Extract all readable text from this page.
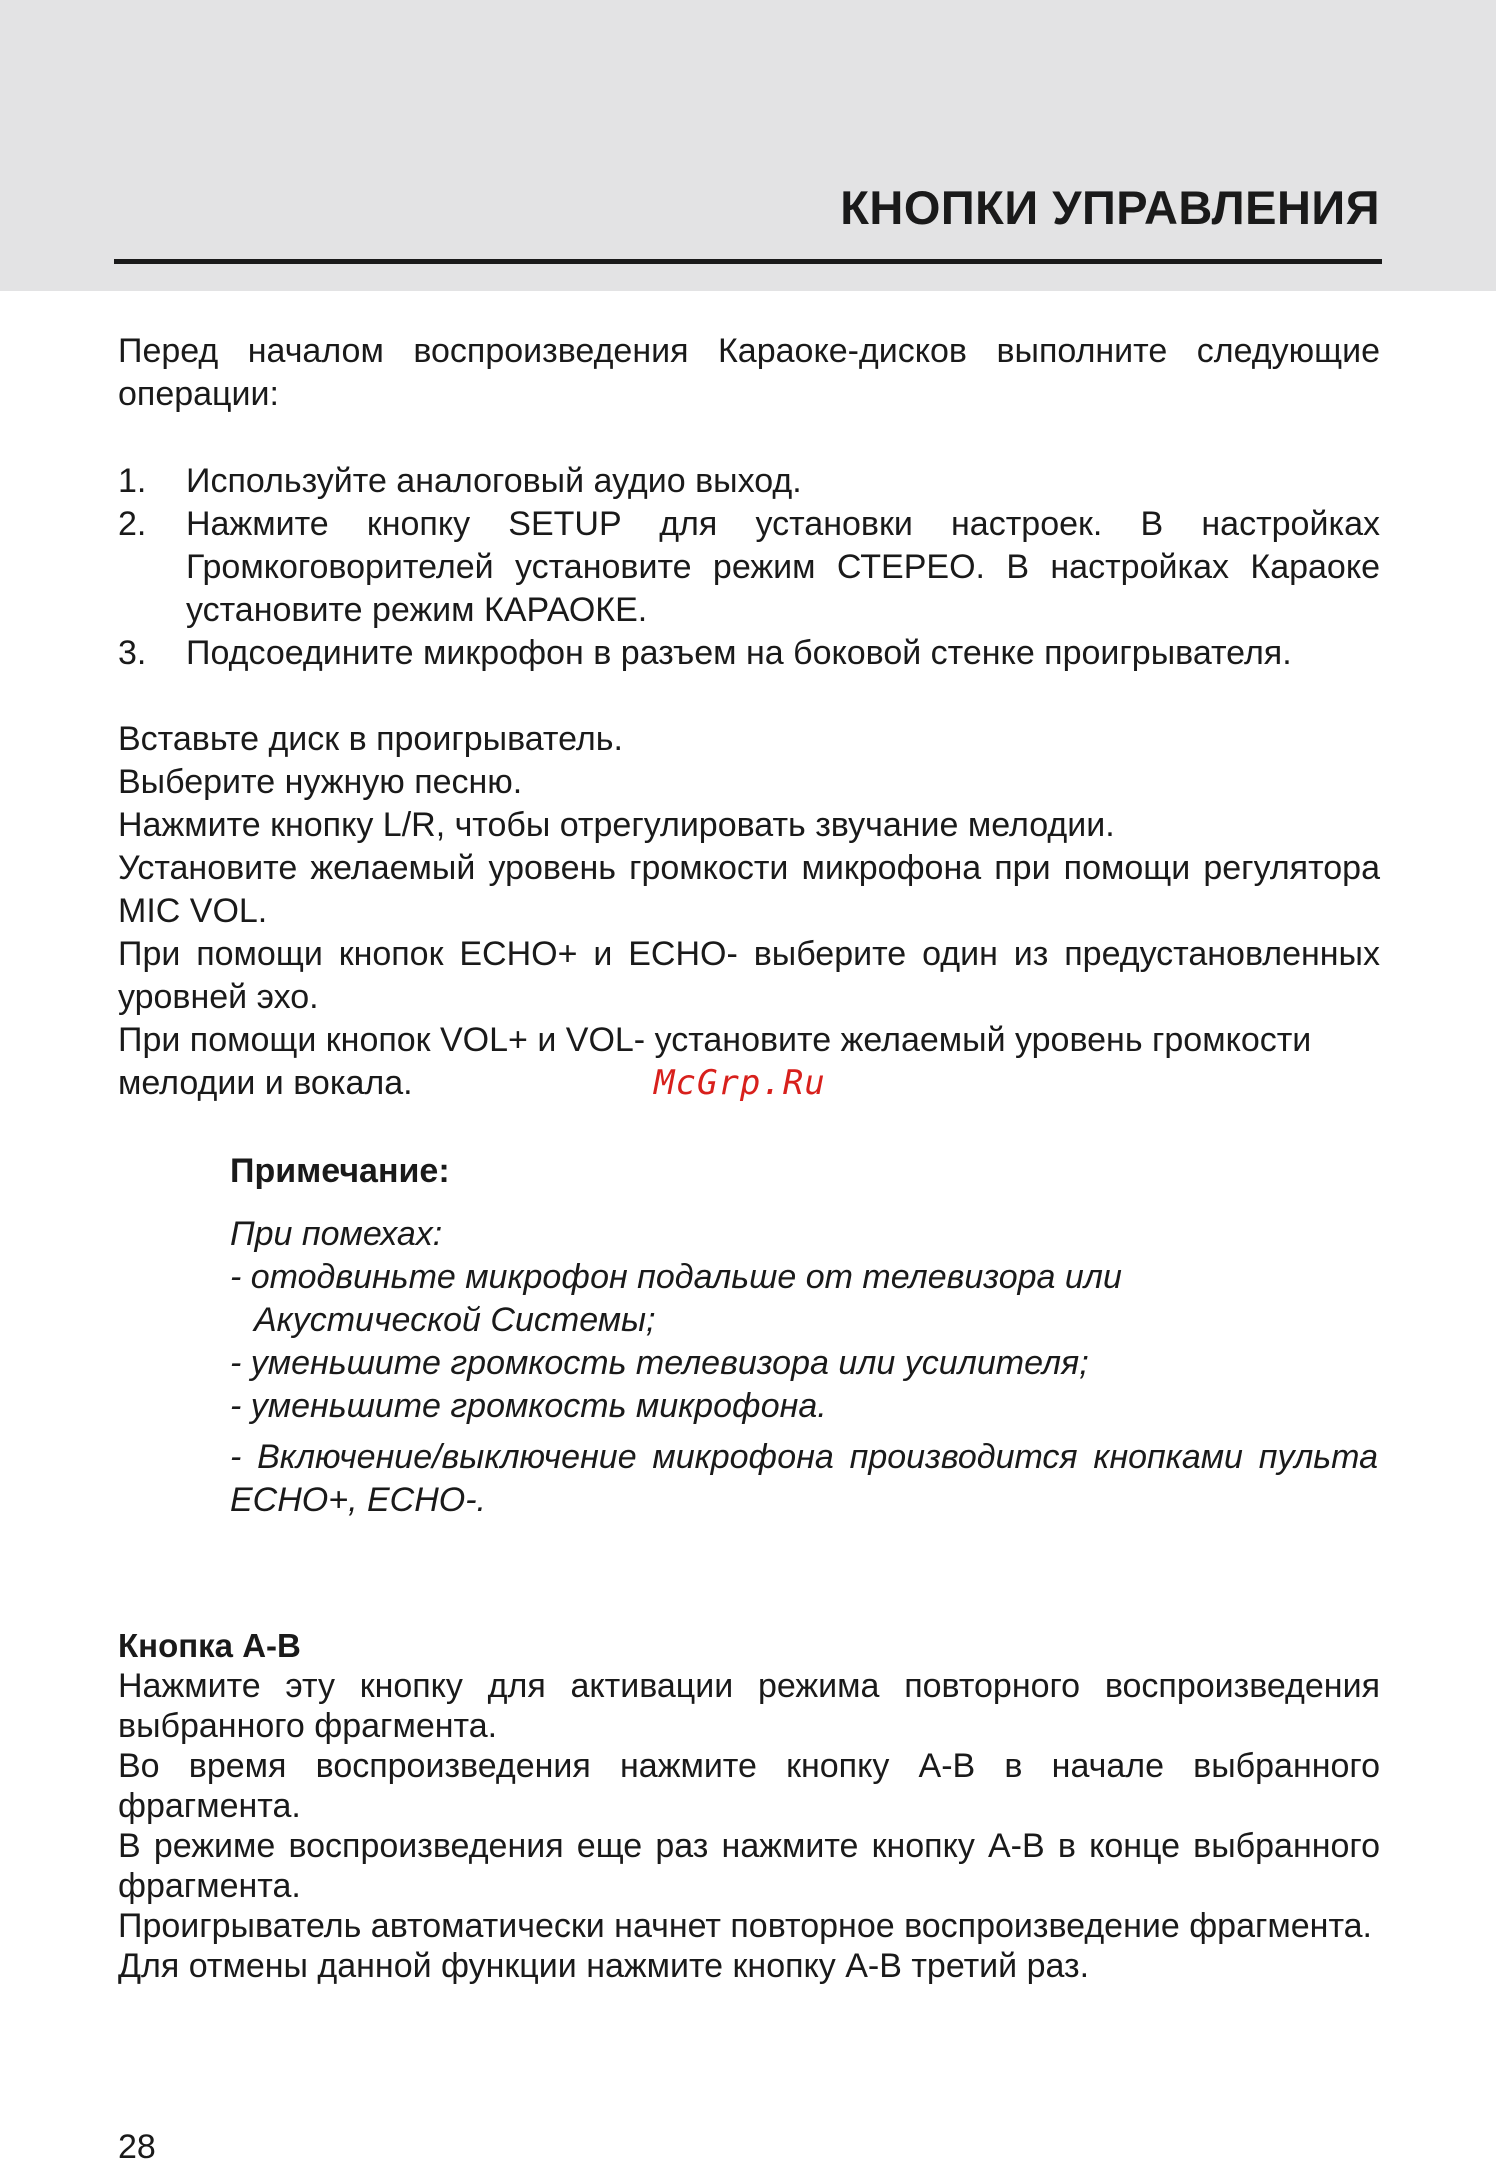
КНОПКИ УПРАВЛЕНИЯ

Перед началом воспроизведения Караоке-дисков выполните следующие операции:

1.	Используйте аналоговый аудио выход.
2.	Нажмите кнопку SETUP для установки настроек. В настройках Громкоговорителей установите режим СТЕРЕО. В настройках Караоке установите режим КАРАОКЕ.
3.	Подсоедините микрофон в разъем на боковой стенке проигрывателя.

Вставьте диск в проигрыватель.

Выберите нужную песню.

Нажмите кнопку L/R, чтобы отрегулировать звучание мелодии.

Установите желаемый уровень громкости микрофона при помощи регулятора MIC VOL.

При помощи кнопок ECHO+ и ECHO- выберите один из предустановленных уровней эхо.

При помощи кнопок VOL+ и VOL- установите желаемый уровень громкости мелодии и вокала.	McGrp.Ru

Примечание:

При помехах:

- отодвиньте микрофон подальше от телевизора или

Акустической Системы;

- уменьшите громкость телевизора или усилителя;

- уменьшите громкость микрофона.

- Включение/выключение микрофона производится кнопками пульта ECHO+, ECHO-.

Кнопка А-В

Нажмите эту кнопку для активации режима повторного воспроизведения выбранного фрагмента.

Во время воспроизведения нажмите кнопку А-В в начале выбранного фрагмента.

В режиме воспроизведения еще раз нажмите кнопку А-В в конце выбранного фрагмента.

Проигрыватель автоматически начнет повторное воспроизведение фрагмента.

Для отмены данной функции нажмите кнопку А-В третий раз.

28
